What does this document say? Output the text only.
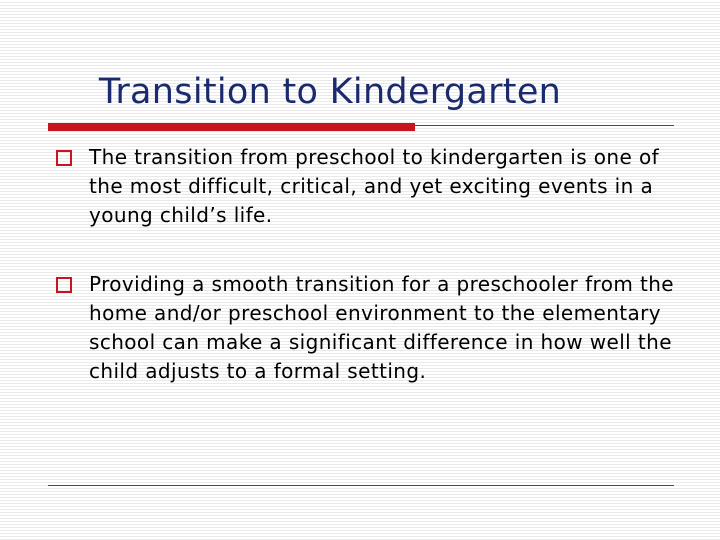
Transition to Kindergarten
The transition from preschool to kindergarten is one of the most difficult, critical, and yet exciting events in a young child’s life.
Providing a smooth transition for a preschooler from the home and/or preschool environment to the elementary school can make a significant difference in how well the child adjusts to a formal setting.
